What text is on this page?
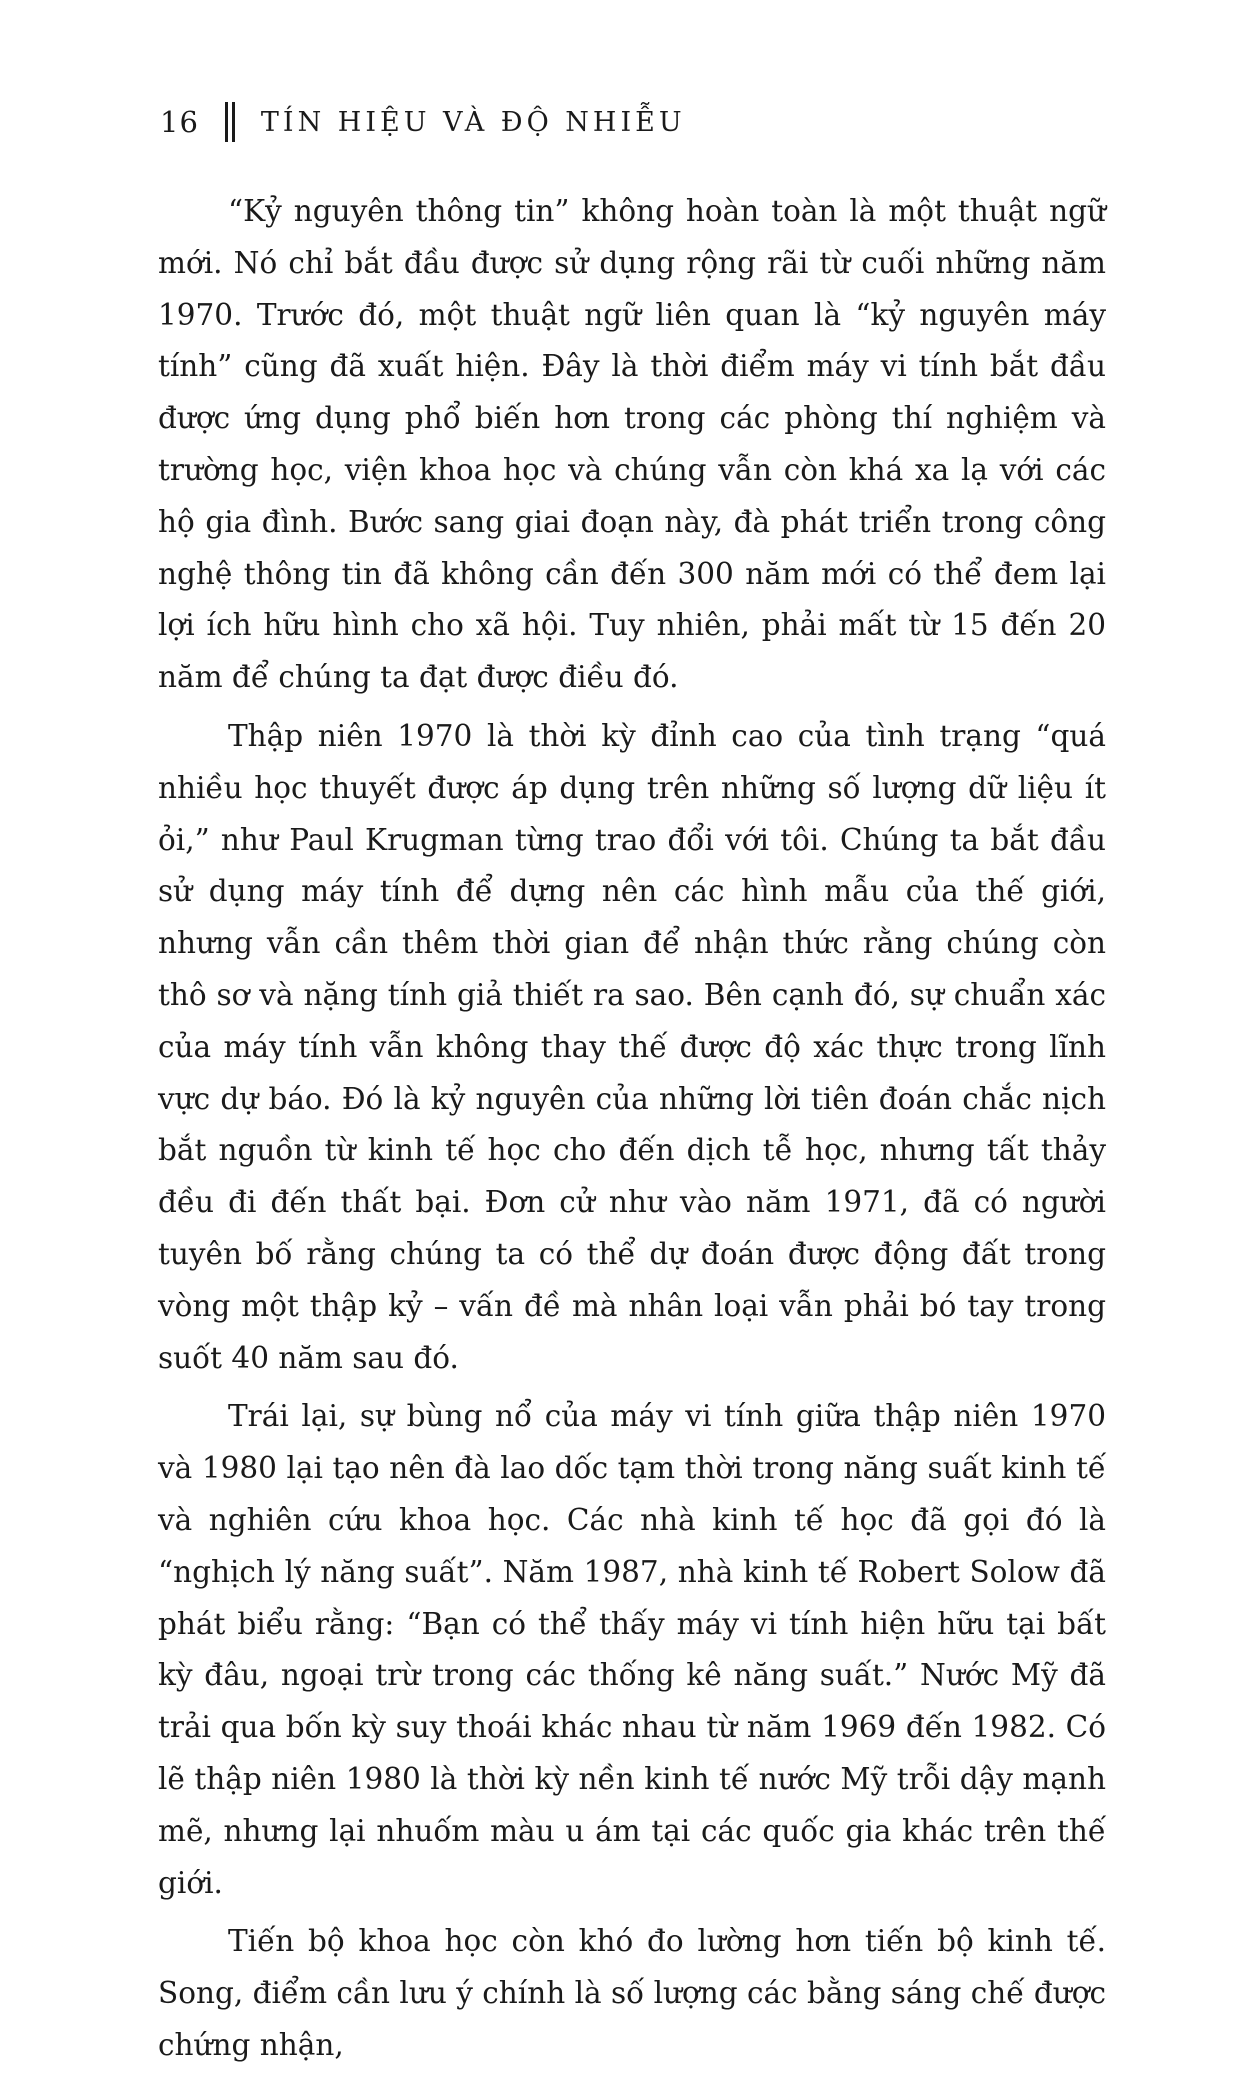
16 TÍN HIỆU VÀ ĐỘ NHIỄU

“Kỷ nguyên thông tin” không hoàn toàn là một thuật ngữ mới. Nó chỉ bắt đầu được sử dụng rộng rãi từ cuối những năm 1970. Trước đó, một thuật ngữ liên quan là “kỷ nguyên máy tính” cũng đã xuất hiện. Đây là thời điểm máy vi tính bắt đầu được ứng dụng phổ biến hơn trong các phòng thí nghiệm và trường học, viện khoa học và chúng vẫn còn khá xa lạ với các hộ gia đình. Bước sang giai đoạn này, đà phát triển trong công nghệ thông tin đã không cần đến 300 năm mới có thể đem lại lợi ích hữu hình cho xã hội. Tuy nhiên, phải mất từ 15 đến 20 năm để chúng ta đạt được điều đó.

Thập niên 1970 là thời kỳ đỉnh cao của tình trạng “quá nhiều học thuyết được áp dụng trên những số lượng dữ liệu ít ỏi,” như Paul Krugman từng trao đổi với tôi. Chúng ta bắt đầu sử dụng máy tính để dựng nên các hình mẫu của thế giới, nhưng vẫn cần thêm thời gian để nhận thức rằng chúng còn thô sơ và nặng tính giả thiết ra sao. Bên cạnh đó, sự chuẩn xác của máy tính vẫn không thay thế được độ xác thực trong lĩnh vực dự báo. Đó là kỷ nguyên của những lời tiên đoán chắc nịch bắt nguồn từ kinh tế học cho đến dịch tễ học, nhưng tất thảy đều đi đến thất bại. Đơn cử như vào năm 1971, đã có người tuyên bố rằng chúng ta có thể dự đoán được động đất trong vòng một thập kỷ – vấn đề mà nhân loại vẫn phải bó tay trong suốt 40 năm sau đó.

Trái lại, sự bùng nổ của máy vi tính giữa thập niên 1970 và 1980 lại tạo nên đà lao dốc tạm thời trong năng suất kinh tế và nghiên cứu khoa học. Các nhà kinh tế học đã gọi đó là “nghịch lý năng suất”. Năm 1987, nhà kinh tế Robert Solow đã phát biểu rằng: “Bạn có thể thấy máy vi tính hiện hữu tại bất kỳ đâu, ngoại trừ trong các thống kê năng suất.” Nước Mỹ đã trải qua bốn kỳ suy thoái khác nhau từ năm 1969 đến 1982. Có lẽ thập niên 1980 là thời kỳ nền kinh tế nước Mỹ trỗi dậy mạnh mẽ, nhưng lại nhuốm màu u ám tại các quốc gia khác trên thế giới.

Tiến bộ khoa học còn khó đo lường hơn tiến bộ kinh tế. Song, điểm cần lưu ý chính là số lượng các bằng sáng chế được chứng nhận,
